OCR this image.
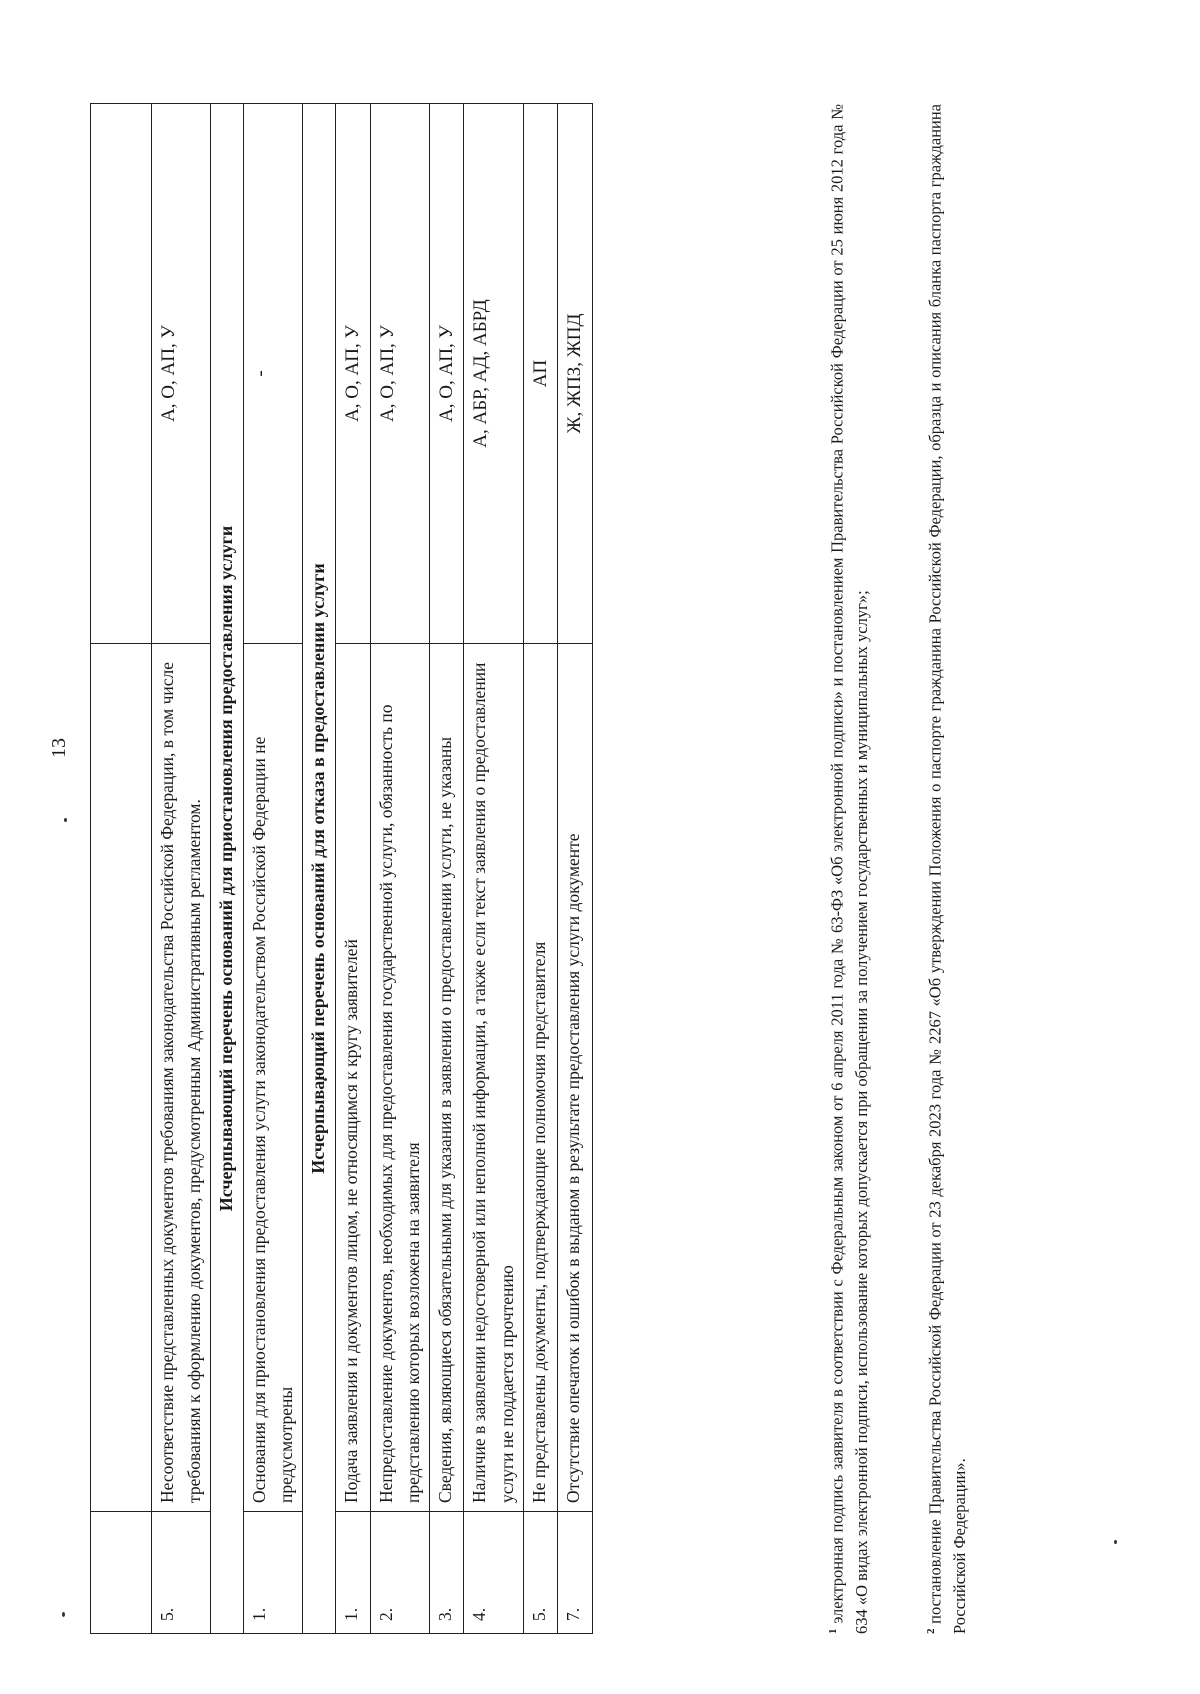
13

5.	Несоответствие представленных документов требованиям законодательства Российской Федерации, в том числе требованиям к оформлению документов, предусмотренным Административным регламентом.	А, О, АП, У
Исчерпывающий перечень оснований для приостановления предоставления услуги		
1.	Основания для приостановления предоставления услуги законодательством Российской Федерации не предусмотрены	-
Исчерпывающий перечень оснований для отказа в предоставлении услуги		
1.	Подача заявления и документов лицом, не относящимся к кругу заявителей	А, О, АП, У
2.	Непредоставление документов, необходимых для предоставления государственной услуги, обязанность по представлению которых возложена на заявителя	А, О, АП, У
3.	Сведения, являющиеся обязательными для указания в заявлении о предоставлении услуги, не указаны	А, О, АП, У
4.	Наличие в заявлении недостоверной или неполной информации, а также если текст заявления о предоставлении услуги не поддается прочтению	А, АБР, АД, АБРД
5.	Не представлены документы, подтверждающие полномочия представителя	АП
7.	Отсутствие опечаток и ошибок в выданом в результате предоставления услуги документе	Ж, ЖПЗ, ЖПД

$^1$ электронная подпись заявителя в соответствии с Федеральным законом от 6 апреля 2011 года № 63-ФЗ «Об электронной подписи» и постановлением Правительства Российской Федерации от 25 июня 2012 года № 634 «О видах электронной подписи, использование которых допускается при обращении за получением государственных и муниципальных услуг»;	$^2$ постановление Правительства Российской Федерации от 23 декабря 2023 года № 2267 «Об утверждении Положения о паспорте гражданина Российской Федерации, образца и описания бланка паспорта гражданина Российской Федерации».
